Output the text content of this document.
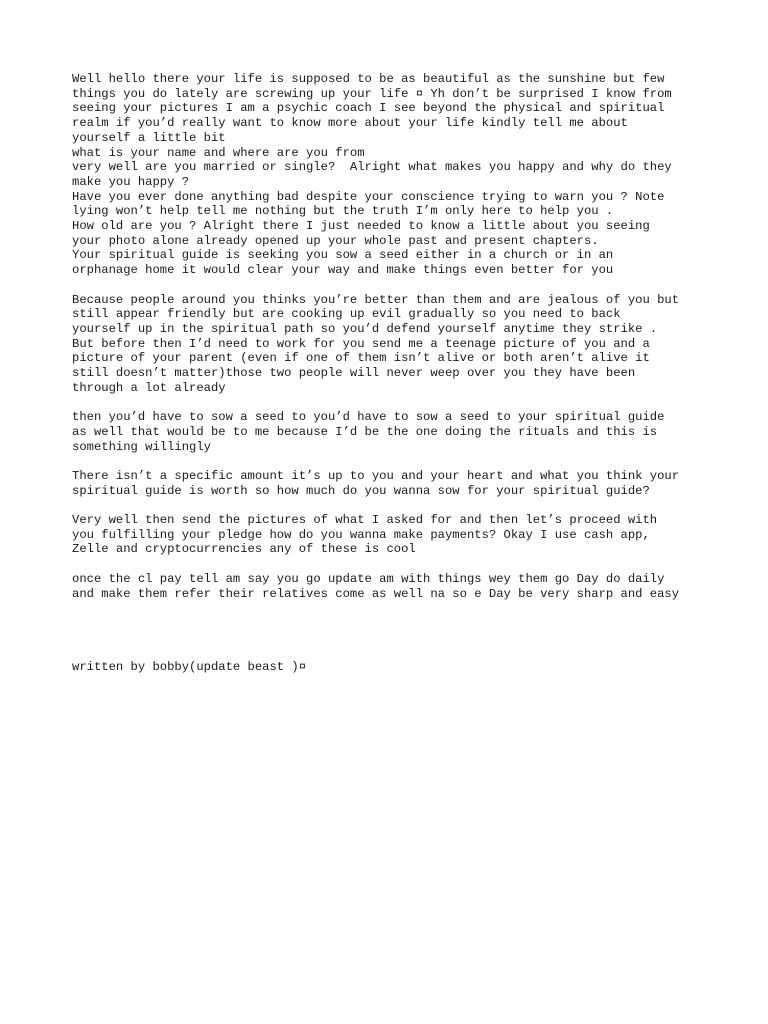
Well hello there your life is supposed to be as beautiful as the sunshine but few
things you do lately are screwing up your life ¤ Yh don’t be surprised I know from
seeing your pictures I am a psychic coach I see beyond the physical and spiritual
realm if you’d really want to know more about your life kindly tell me about
yourself a little bit
what is your name and where are you from
very well are you married or single?  Alright what makes you happy and why do they
make you happy ?
Have you ever done anything bad despite your conscience trying to warn you ? Note
lying won’t help tell me nothing but the truth I’m only here to help you .
How old are you ? Alright there I just needed to know a little about you seeing
your photo alone already opened up your whole past and present chapters.
Your spiritual guide is seeking you sow a seed either in a church or in an
orphanage home it would clear your way and make things even better for you
Because people around you thinks you’re better than them and are jealous of you but
still appear friendly but are cooking up evil gradually so you need to back
yourself up in the spiritual path so you’d defend yourself anytime they strike .
But before then I’d need to work for you send me a teenage picture of you and a
picture of your parent (even if one of them isn’t alive or both aren’t alive it
still doesn’t matter)those two people will never weep over you they have been
through a lot already
then you’d have to sow a seed to you’d have to sow a seed to your spiritual guide
as well that would be to me because I’d be the one doing the rituals and this is
something willingly
There isn’t a specific amount it’s up to you and your heart and what you think your
spiritual guide is worth so how much do you wanna sow for your spiritual guide?
Very well then send the pictures of what I asked for and then let’s proceed with
you fulfilling your pledge how do you wanna make payments? Okay I use cash app,
Zelle and cryptocurrencies any of these is cool
once the cl pay tell am say you go update am with things wey them go Day do daily
and make them refer their relatives come as well na so e Day be very sharp and easy
written by bobby(update beast )¤
